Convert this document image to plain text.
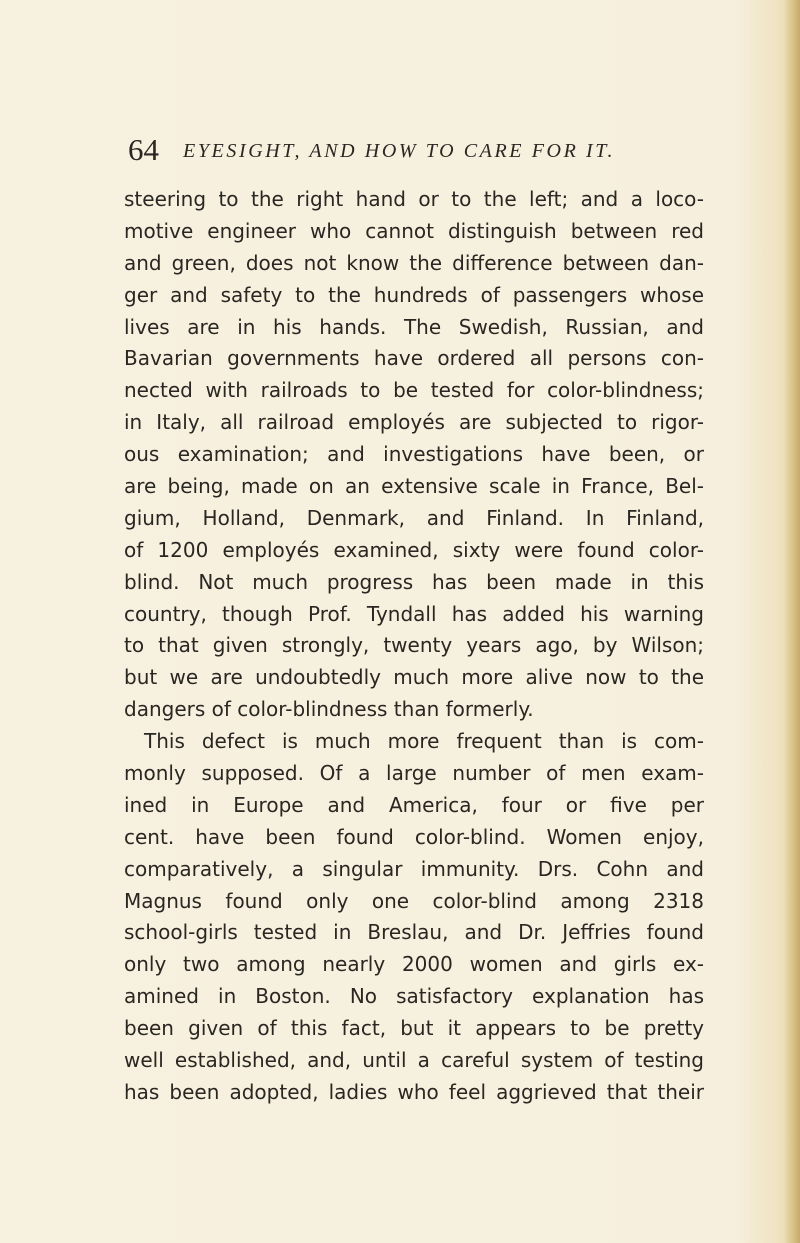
64 EYESIGHT, AND HOW TO CARE FOR IT.
steering to the right hand or to the left; and a loco-
motive engineer who cannot distinguish between red
and green, does not know the difference between dan-
ger and safety to the hundreds of passengers whose
lives are in his hands. The Swedish, Russian, and
Bavarian governments have ordered all persons con-
nected with railroads to be tested for color-blindness;
in Italy, all railroad employés are subjected to rigor-
ous examination; and investigations have been, or
are being, made on an extensive scale in France, Bel-
gium, Holland, Denmark, and Finland. In Finland,
of 1200 employés examined, sixty were found color-
blind. Not much progress has been made in this
country, though Prof. Tyndall has added his warning
to that given strongly, twenty years ago, by Wilson;
but we are undoubtedly much more alive now to the
dangers of color-blindness than formerly.
This defect is much more frequent than is com-
monly supposed. Of a large number of men exam-
ined in Europe and America, four or five per
cent. have been found color-blind. Women enjoy,
comparatively, a singular immunity. Drs. Cohn and
Magnus found only one color-blind among 2318
school-girls tested in Breslau, and Dr. Jeffries found
only two among nearly 2000 women and girls ex-
amined in Boston. No satisfactory explanation has
been given of this fact, but it appears to be pretty
well established, and, until a careful system of testing
has been adopted, ladies who feel aggrieved that their
